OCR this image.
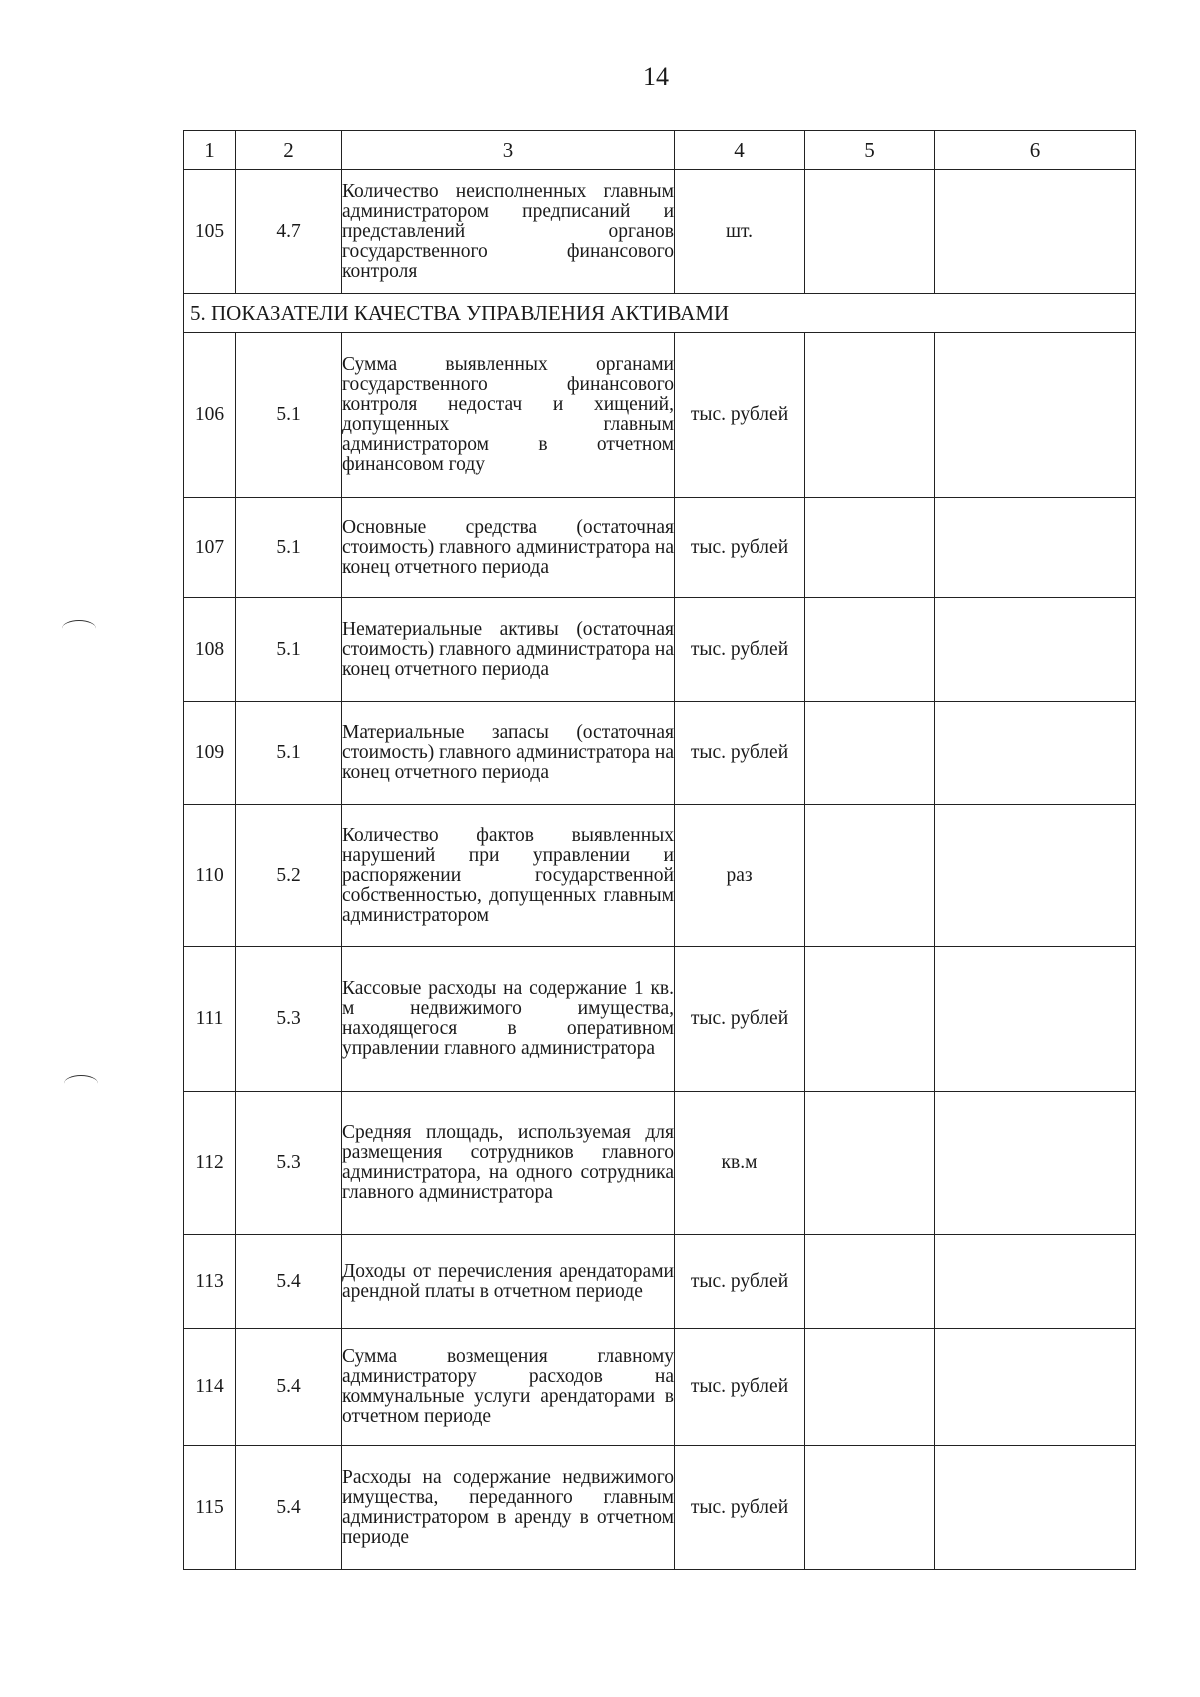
14
1	2	3	4	5	6
105	4.7	Количество неисполненных главным администратором предписаний и представлений органов государственного финансового контроля	шт.		
5. ПОКАЗАТЕЛИ КАЧЕСТВА УПРАВЛЕНИЯ АКТИВАМИ					
106	5.1	Сумма выявленных органами государственного финансового контроля недостач и хищений, допущенных главным администратором в отчетном финансовом году	тыс. рублей		
107	5.1	Основные средства (остаточная стоимость) главного администратора на конец отчетного периода	тыс. рублей		
108	5.1	Нематериальные активы (остаточная стоимость) главного администратора на конец отчетного периода	тыс. рублей		
109	5.1	Материальные запасы (остаточная стоимость) главного администратора на конец отчетного периода	тыс. рублей		
110	5.2	Количество фактов выявленных нарушений при управлении и распоряжении государственной собственностью, допущенных главным администратором	раз		
111	5.3	Кассовые расходы на содержание 1 кв. м недвижимого имущества, находящегося в оперативном управлении главного администратора	тыс. рублей		
112	5.3	Средняя площадь, используемая для размещения сотрудников главного администратора, на одного сотрудника главного администратора	кв.м		
113	5.4	Доходы от перечисления арендаторами арендной платы в отчетном периоде	тыс. рублей		
114	5.4	Сумма возмещения главному администратору расходов на коммунальные услуги арендаторами в отчетном периоде	тыс. рублей		
115	5.4	Расходы на содержание недвижимого имущества, переданного главным администратором в аренду в отчетном периоде	тыс. рублей		
